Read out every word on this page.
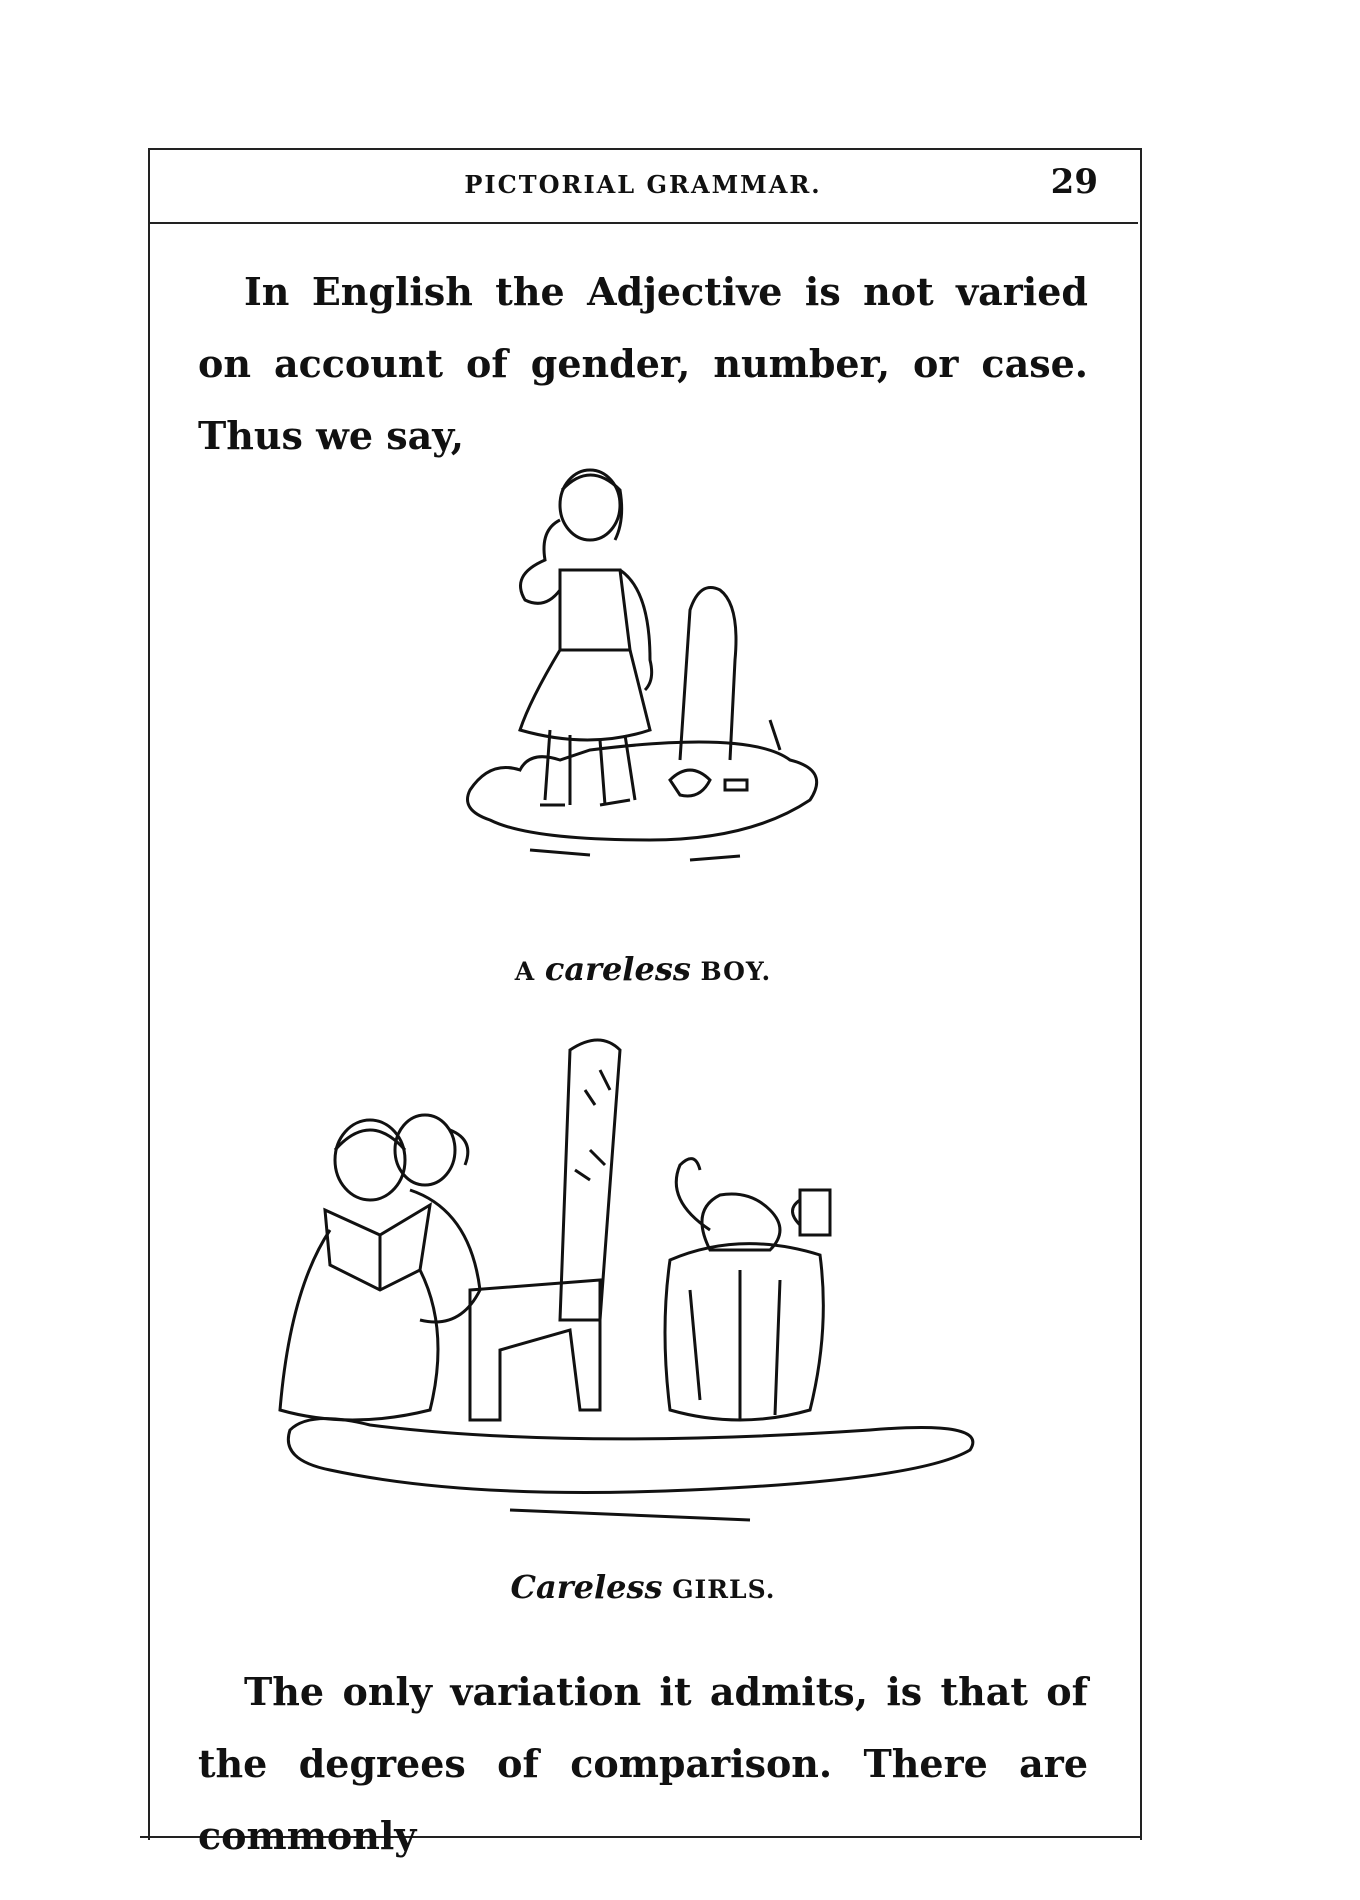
PICTORIAL GRAMMAR.	29
In English the Adjective is not varied on account of gender, number, or case. Thus we say,
A careless BOY.
Careless GIRLS.
The only variation it admits, is that of the degrees of comparison. There are commonly
